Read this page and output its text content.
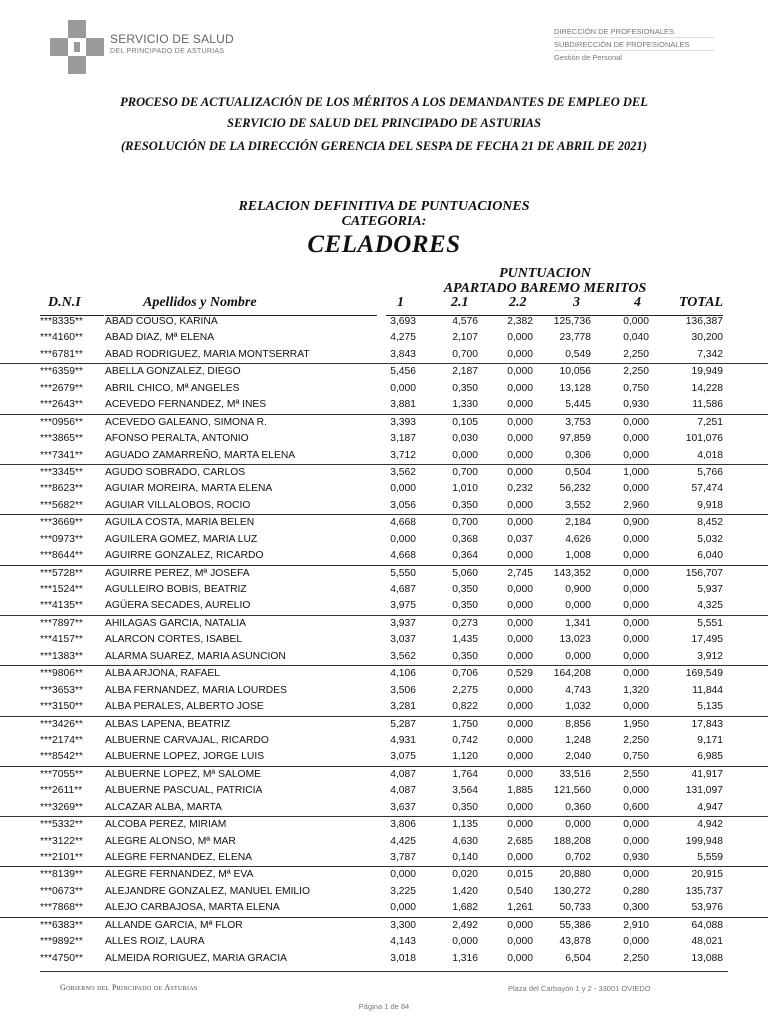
SERVICIO DE SALUD
DEL PRINCIPADO DE ASTURIAS
DIRECCIÓN DE PROFESIONALES
SUBDIRECCIÓN DE PROFESIONALES
Gestión de Personal
PROCESO DE ACTUALIZACIÓN DE LOS MÉRITOS A LOS DEMANDANTES DE EMPLEO DEL
SERVICIO DE SALUD DEL PRINCIPADO DE ASTURIAS
(RESOLUCIÓN DE LA DIRECCIÓN GERENCIA DEL SESPA DE FECHA 21 DE ABRIL DE 2021)
RELACION DEFINITIVA DE PUNTUACIONES
CATEGORIA:
CELADORES
PUNTUACION
APARTADO BAREMO MERITOS
D.N.I	Apellidos y Nombre	1	2.1	2.2	3	4	TOTAL
***8335**	ABAD COUSO, KARINA	3,693	4,576	2,382	125,736	0,000	136,387
***4160**	ABAD DIAZ, Mª ELENA	4,275	2,107	0,000	23,778	0,040	30,200
***6781**	ABAD RODRIGUEZ, MARIA MONTSERRAT	3,843	0,700	0,000	0,549	2,250	7,342
***6359**	ABELLA GONZALEZ, DIEGO	5,456	2,187	0,000	10,056	2,250	19,949
***2679**	ABRIL CHICO, Mª ANGELES	0,000	0,350	0,000	13,128	0,750	14,228
***2643**	ACEVEDO FERNANDEZ, Mª INES	3,881	1,330	0,000	5,445	0,930	11,586
***0956**	ACEVEDO GALEANO, SIMONA R.	3,393	0,105	0,000	3,753	0,000	7,251
***3865**	AFONSO PERALTA, ANTONIO	3,187	0,030	0,000	97,859	0,000	101,076
***7341**	AGUADO ZAMARREÑO, MARTA ELENA	3,712	0,000	0,000	0,306	0,000	4,018
***3345**	AGUDO SOBRADO, CARLOS	3,562	0,700	0,000	0,504	1,000	5,766
***8623**	AGUIAR MOREIRA, MARTA ELENA	0,000	1,010	0,232	56,232	0,000	57,474
***5682**	AGUIAR VILLALOBOS, ROCIO	3,056	0,350	0,000	3,552	2,960	9,918
***3669**	AGUILA COSTA, MARIA BELEN	4,668	0,700	0,000	2,184	0,900	8,452
***0973**	AGUILERA GOMEZ, MARIA LUZ	0,000	0,368	0,037	4,626	0,000	5,032
***8644**	AGUIRRE GONZALEZ, RICARDO	4,668	0,364	0,000	1,008	0,000	6,040
***5728**	AGUIRRE PEREZ, Mª JOSEFA	5,550	5,060	2,745	143,352	0,000	156,707
***1524**	AGULLEIRO BOBIS, BEATRIZ	4,687	0,350	0,000	0,900	0,000	5,937
***4135**	AGÜERA SECADES, AURELIO	3,975	0,350	0,000	0,000	0,000	4,325
***7897**	AHILAGAS GARCIA, NATALIA	3,937	0,273	0,000	1,341	0,000	5,551
***4157**	ALARCON CORTES, ISABEL	3,037	1,435	0,000	13,023	0,000	17,495
***1383**	ALARMA SUAREZ, MARIA ASUNCION	3,562	0,350	0,000	0,000	0,000	3,912
***9806**	ALBA ARJONA, RAFAEL	4,106	0,706	0,529	164,208	0,000	169,549
***3653**	ALBA FERNANDEZ, MARIA LOURDES	3,506	2,275	0,000	4,743	1,320	11,844
***3150**	ALBA PERALES, ALBERTO JOSE	3,281	0,822	0,000	1,032	0,000	5,135
***3426**	ALBAS LAPENA, BEATRIZ	5,287	1,750	0,000	8,856	1,950	17,843
***2174**	ALBUERNE CARVAJAL, RICARDO	4,931	0,742	0,000	1,248	2,250	9,171
***8542**	ALBUERNE LOPEZ, JORGE LUIS	3,075	1,120	0,000	2,040	0,750	6,985
***7055**	ALBUERNE LOPEZ, Mª SALOME	4,087	1,764	0,000	33,516	2,550	41,917
***2611**	ALBUERNE PASCUAL, PATRICIA	4,087	3,564	1,885	121,560	0,000	131,097
***3269**	ALCAZAR ALBA, MARTA	3,637	0,350	0,000	0,360	0,600	4,947
***5332**	ALCOBA PEREZ, MIRIAM	3,806	1,135	0,000	0,000	0,000	4,942
***3122**	ALEGRE ALONSO, Mª MAR	4,425	4,630	2,685	188,208	0,000	199,948
***2101**	ALEGRE FERNANDEZ, ELENA	3,787	0,140	0,000	0,702	0,930	5,559
***8139**	ALEGRE FERNANDEZ, Mª EVA	0,000	0,020	0,015	20,880	0,000	20,915
***0673**	ALEJANDRE GONZALEZ, MANUEL EMILIO	3,225	1,420	0,540	130,272	0,280	135,737
***7868**	ALEJO CARBAJOSA, MARTA ELENA	0,000	1,682	1,261	50,733	0,300	53,976
***6383**	ALLANDE GARCIA, Mª FLOR	3,300	2,492	0,000	55,386	2,910	64,088
***9892**	ALLES ROIZ, LAURA	4,143	0,000	0,000	43,878	0,000	48,021
***4750**	ALMEIDA RORIGUEZ, MARIA GRACIA	3,018	1,316	0,000	6,504	2,250	13,088
Gobierno del Principado de Asturias	Plaza del Carbayón 1 y 2 - 33001 OVIEDO
Página 1 de 84
